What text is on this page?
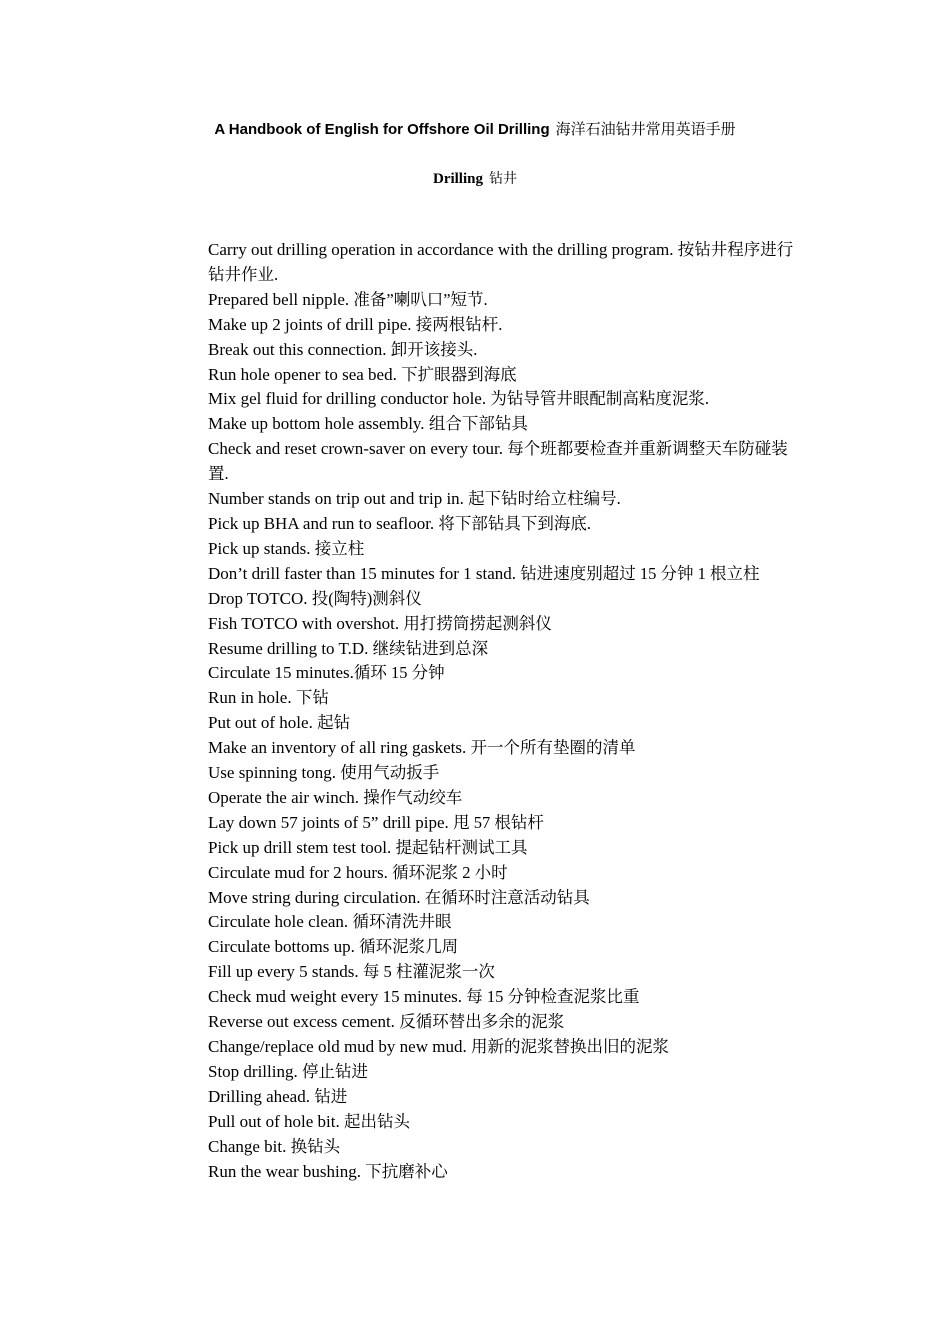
A Handbook of English for Offshore Oil Drilling 海洋石油钻井常用英语手册
Drilling 钻井
Carry out drilling operation in accordance with the drilling program. 按钻井程序进行钻井作业.
Prepared bell nipple. 准备”喇叭口”短节.
Make up 2 joints of drill pipe. 接两根钻杆.
Break out this connection. 卸开该接头.
Run hole opener to sea bed. 下扩眼器到海底
Mix gel fluid for drilling conductor hole. 为钻导管井眼配制高粘度泥浆.
Make up bottom hole assembly. 组合下部钻具
Check and reset crown-saver on every tour. 每个班都要检查并重新调整天车防碰装置.
Number stands on trip out and trip in. 起下钻时给立柱编号.
Pick up BHA and run to seafloor. 将下部钻具下到海底.
Pick up stands. 接立柱
Don’t drill faster than 15 minutes for 1 stand. 钻进速度别超过 15 分钟 1 根立柱
Drop TOTCO. 投(陶特)测斜仪
Fish TOTCO with overshot. 用打捞筒捞起测斜仪
Resume drilling to T.D. 继续钻进到总深
Circulate 15 minutes.循环 15 分钟
Run in hole. 下钻
Put out of hole. 起钻
Make an inventory of all ring gaskets. 开一个所有垫圈的清单
Use spinning tong. 使用气动扳手
Operate the air winch. 操作气动绞车
Lay down 57 joints of 5” drill pipe. 甩 57 根钻杆
Pick up drill stem test tool. 提起钻杆测试工具
Circulate mud for 2 hours. 循环泥浆 2 小时
Move string during circulation. 在循环时注意活动钻具
Circulate hole clean. 循环清洗井眼
Circulate bottoms up. 循环泥浆几周
Fill up every 5 stands. 每 5 柱灌泥浆一次
Check mud weight every 15 minutes. 每 15 分钟检查泥浆比重
Reverse out excess cement. 反循环替出多余的泥浆
Change/replace old mud by new mud. 用新的泥浆替换出旧的泥浆
Stop drilling. 停止钻进
Drilling ahead. 钻进
Pull out of hole bit. 起出钻头
Change bit. 换钻头
Run the wear bushing. 下抗磨补心
